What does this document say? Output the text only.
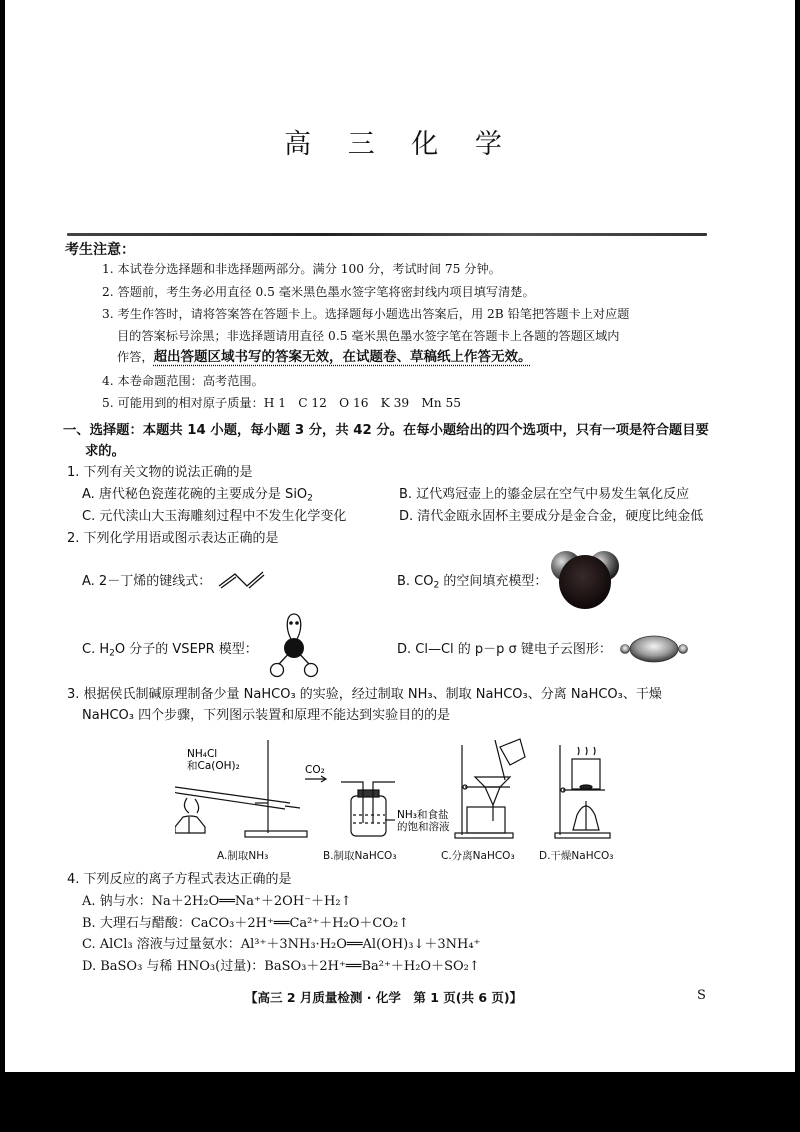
高 三 化 学
考生注意：
1. 本试卷分选择题和非选择题两部分。满分 100 分，考试时间 75 分钟。
2. 答题前，考生务必用直径 0.5 毫米黑色墨水签字笔将密封线内项目填写清楚。
3. 考生作答时，请将答案答在答题卡上。选择题每小题选出答案后，用 2B 铅笔把答题卡上对应题
目的答案标号涂黑；非选择题请用直径 0.5 毫米黑色墨水签字笔在答题卡上各题的答题区域内
作答，超出答题区域书写的答案无效，在试题卷、草稿纸上作答无效。
4. 本卷命题范围：高考范围。
5. 可能用到的相对原子质量：H 1　C 12　O 16　K 39　Mn 55
一、选择题：本题共 14 小题，每小题 3 分，共 42 分。在每小题给出的四个选项中，只有一项是符合题目要
求的。
1. 下列有关文物的说法正确的是
A. 唐代秘色瓷莲花碗的主要成分是 SiO$_2$	B. 辽代鸡冠壶上的鎏金层在空气中易发生氧化反应
C. 元代渎山大玉海雕刻过程中不发生化学变化	D. 清代金瓯永固杯主要成分是金合金，硬度比纯金低
2. 下列化学用语或图示表达正确的是
A. 2－丁烯的键线式：	B. $CO_2$ 的空间填充模型：
C. $H_2O$ 分子的 VSEPR 模型：	D. Cl—Cl 的 p－p σ 键电子云图形：
3. 根据侯氏制碱原理制备少量 NaHCO₃ 的实验，经过制取 NH₃、制取 NaHCO₃、分离 NaHCO₃、干燥
NaHCO₃ 四个步骤，下列图示装置和原理不能达到实验目的的是
NH₄Cl
和Ca(OH)₂	CO₂
NH₃和食盐
的饱和溶液
A.制取NH₃	B.制取NaHCO₃	C.分离NaHCO₃ D.干燥NaHCO₃
4. 下列反应的离子方程式表达正确的是
A. 钠与水：Na＋2H₂O══Na⁺＋2OH⁻＋H₂↑
B. 大理石与醋酸：CaCO₃＋2H⁺══Ca²⁺＋H₂O＋CO₂↑
C. AlCl₃ 溶液与过量氨水：Al³⁺＋3NH₃·H₂O══Al(OH)₃↓＋3NH₄⁺
D. BaSO₃ 与稀 HNO₃(过量)：BaSO₃＋2H⁺══Ba²⁺＋H₂O＋SO₂↑
【高三 2 月质量检测 · 化学　第 1 页(共 6 页)】	S
